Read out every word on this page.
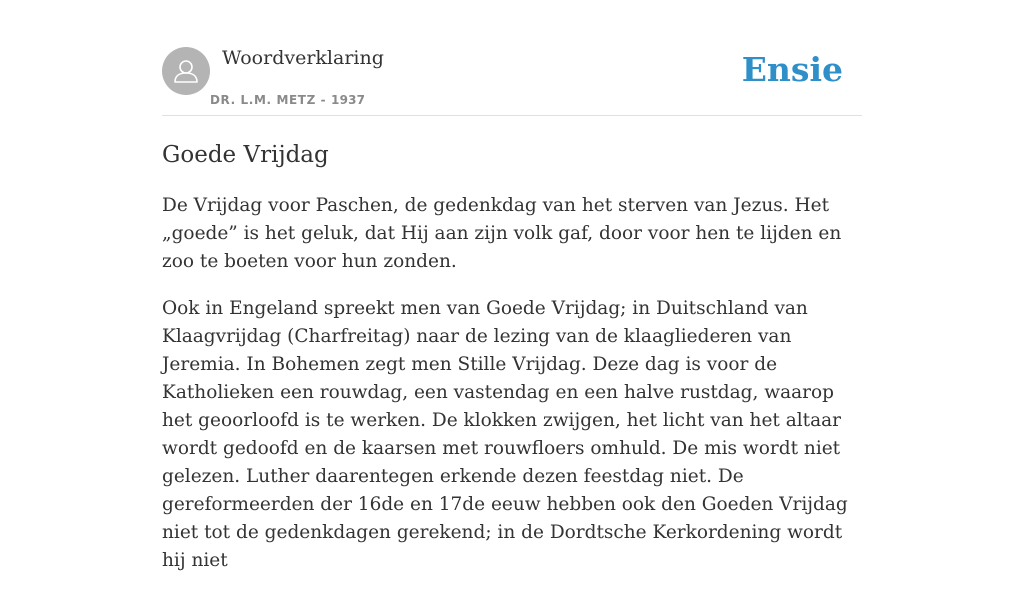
Woordverklaring
DR. L.M. METZ - 1937
Ensie
Goede Vrijdag

De Vrijdag voor Paschen, de gedenkdag van het sterven van Jezus. Het „goede” is het geluk, dat Hij aan zijn volk gaf, door voor hen te lijden en zoo te boeten voor hun zonden.

Ook in Engeland spreekt men van Goede Vrijdag; in Duitschland van Klaagvrijdag (Charfreitag) naar de lezing van de klaagliederen van Jeremia. In Bohemen zegt men Stille Vrijdag. Deze dag is voor de Katholieken een rouwdag, een vastendag en een halve rustdag, waarop het geoorloofd is te werken. De klokken zwijgen, het licht van het altaar wordt gedoofd en de kaarsen met rouwfloers omhuld. De mis wordt niet gelezen. Luther daarentegen erkende dezen feestdag niet. De gereformeerden der 16de en 17de eeuw hebben ook den Goeden Vrijdag niet tot de gedenkdagen gerekend; in de Dordtsche Kerkordening wordt hij niet
